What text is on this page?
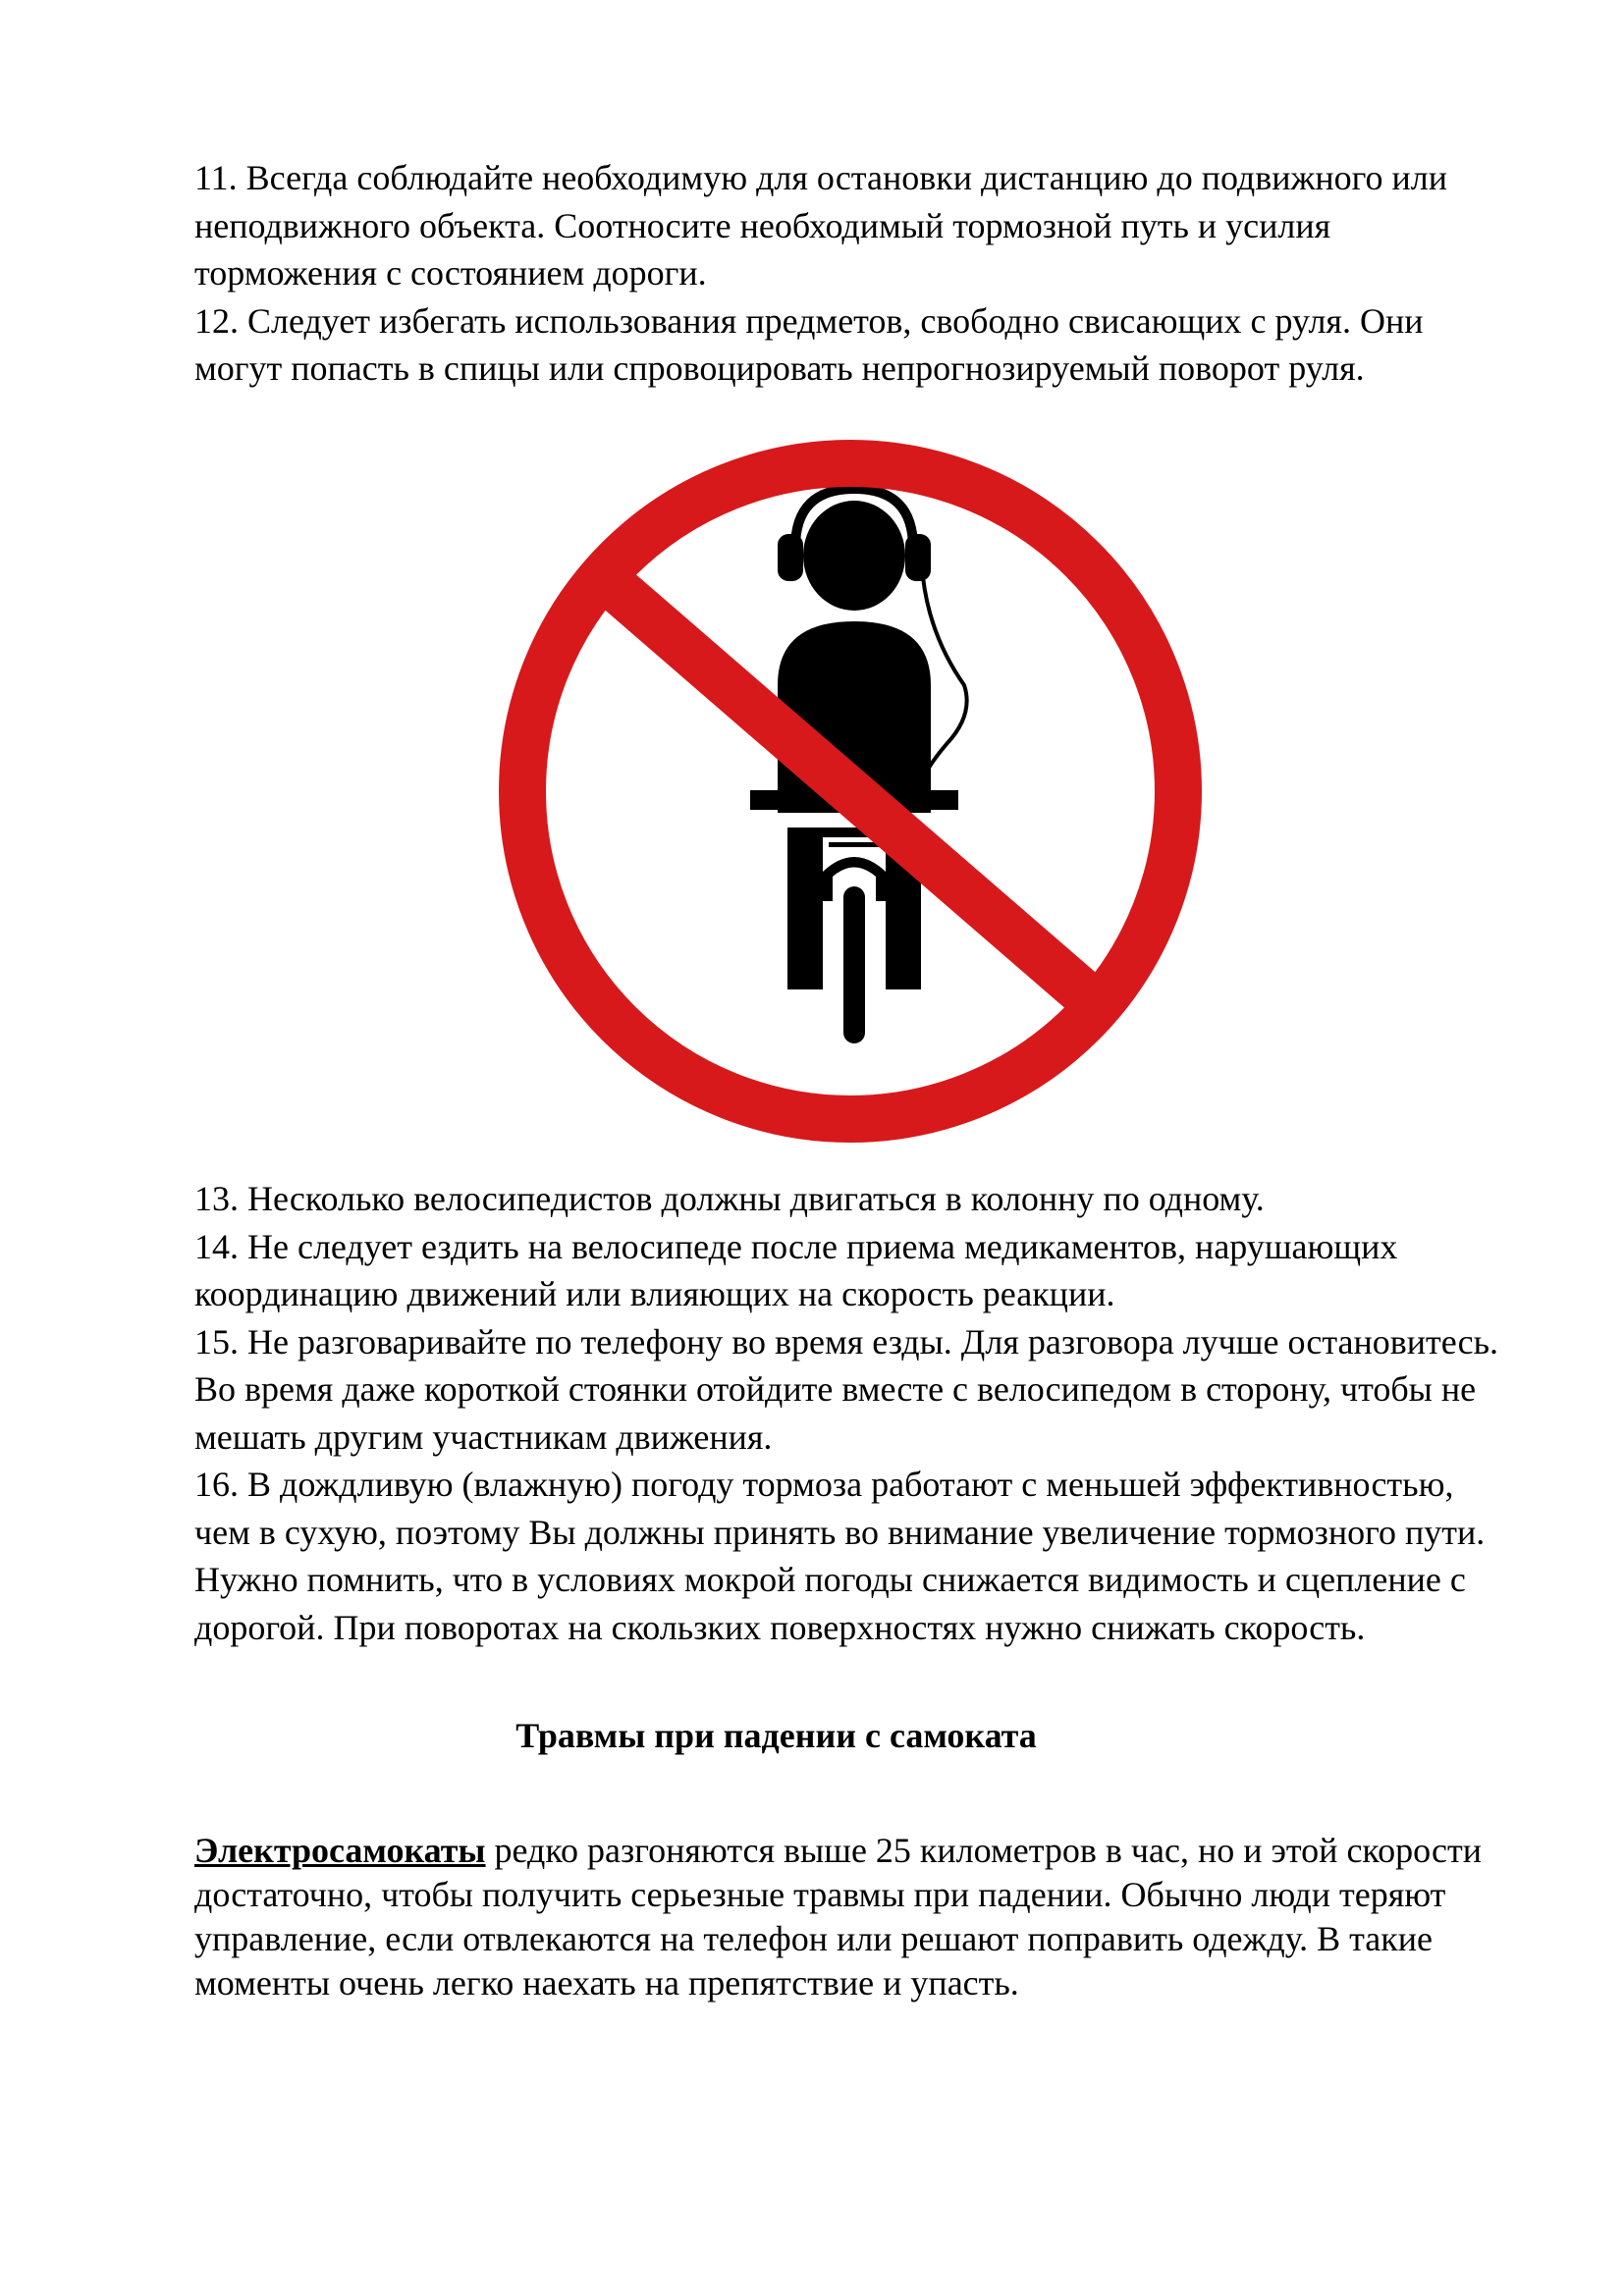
11. Всегда соблюдайте необходимую для остановки дистанцию до подвижного или неподвижного объекта. Соотносите необходимый тормозной путь и усилия торможения с состоянием дороги.

12. Следует избегать использования предметов, свободно свисающих с руля. Они могут попасть в спицы или спровоцировать непрогнозируемый поворот руля.

13. Несколько велосипедистов должны двигаться в колонну по одному.

14. Не следует ездить на велосипеде после приема медикаментов, нарушающих координацию движений или влияющих на скорость реакции.

15. Не разговаривайте по телефону во время езды. Для разговора лучше остановитесь. Во время даже короткой стоянки отойдите вместе с велосипедом в сторону, чтобы не мешать другим участникам движения.

16. В дождливую (влажную) погоду тормоза работают с меньшей эффективностью, чем в сухую, поэтому Вы должны принять во внимание увеличение тормозного пути. Нужно помнить, что в условиях мокрой погоды снижается видимость и сцепление с дорогой. При поворотах на скользких поверхностях нужно снижать скорость.

Травмы при падении с самоката

Электросамокаты редко разгоняются выше 25 километров в час, но и этой скорости достаточно, чтобы получить серьезные травмы при падении. Обычно люди теряют управление, если отвлекаются на телефон или решают поправить одежду. В такие моменты очень легко наехать на препятствие и упасть.
